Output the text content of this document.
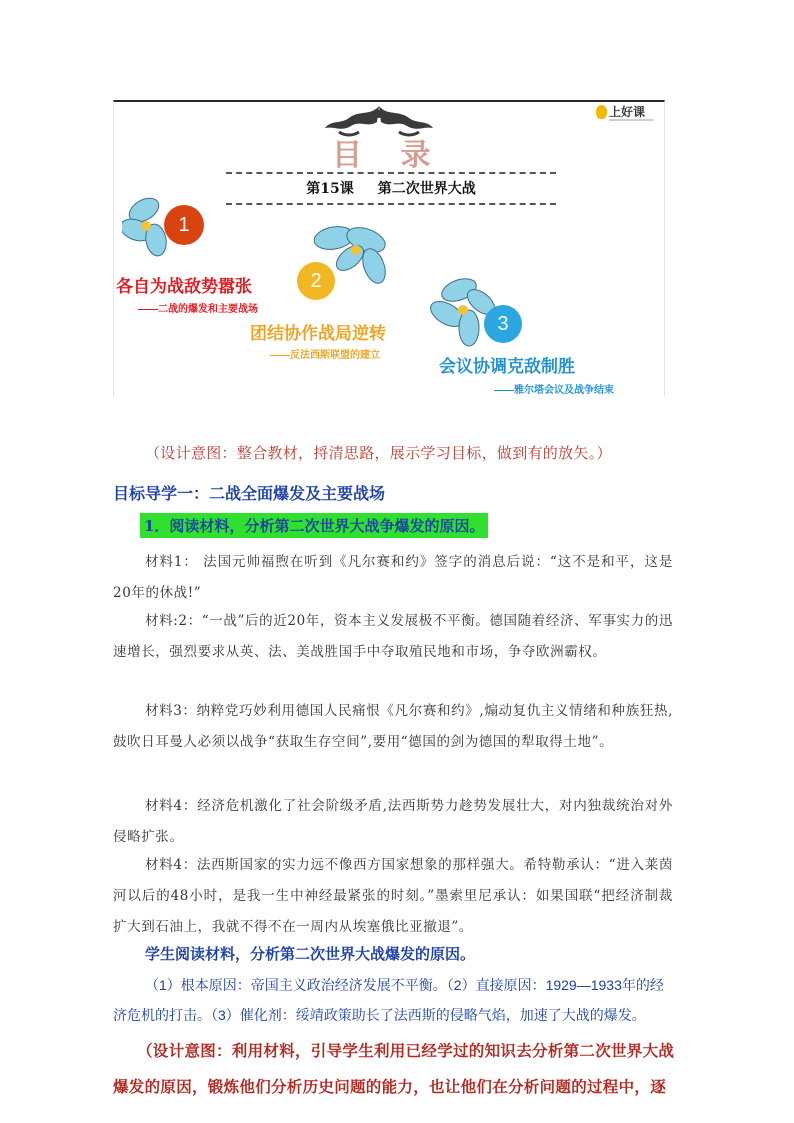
上好课
目 录
第15课 第二次世界大战
1
2
3
各自为战敌势嚣张
——二战的爆发和主要战场
团结协作战局逆转
——反法西斯联盟的建立
会议协调克敌制胜
——雅尔塔会议及战争结束
（设计意图：整合教材，捋清思路，展示学习目标，做到有的放矢。）
目标导学一：二战全面爆发及主要战场
1．阅读材料，分析第二次世界大战争爆发的原因。
材料1： 法国元帅福煦在听到《凡尔赛和约》签字的消息后说：“这不是和平，这是20年的休战!”
材料:2：“一战”后的近20年，资本主义发展极不平衡。德国随着经济、军事实力的迅速增长，强烈要求从英、法、美战胜国手中夺取殖民地和市场，争夺欧洲霸权。
材料3：纳粹党巧妙利用德国人民痛恨《凡尔赛和约》,煽动复仇主义情绪和种族狂热,鼓吹日耳曼人必须以战争“获取生存空间”,要用“德国的剑为德国的犁取得土地”。
材料4：经济危机激化了社会阶级矛盾,法西斯势力趁势发展壮大，对内独裁统治对外侵略扩张。
材料4：法西斯国家的实力远不像西方国家想象的那样强大。希特勒承认：“进入莱茵河以后的48小时，是我一生中神经最紧张的时刻。”墨索里尼承认：如果国联“把经济制裁扩大到石油上，我就不得不在一周内从埃塞俄比亚撤退”。
学生阅读材料，分析第二次世界大战爆发的原因。
（1）根本原因：帝国主义政治经济发展不平衡。（2）直接原因：1929—1933年的经济危机的打击。（3）催化剂：绥靖政策助长了法西斯的侵略气焰，加速了大战的爆发。
（设计意图：利用材料，引导学生利用已经学过的知识去分析第二次世界大战爆发的原因，锻炼他们分析历史问题的能力，也让他们在分析问题的过程中，逐
